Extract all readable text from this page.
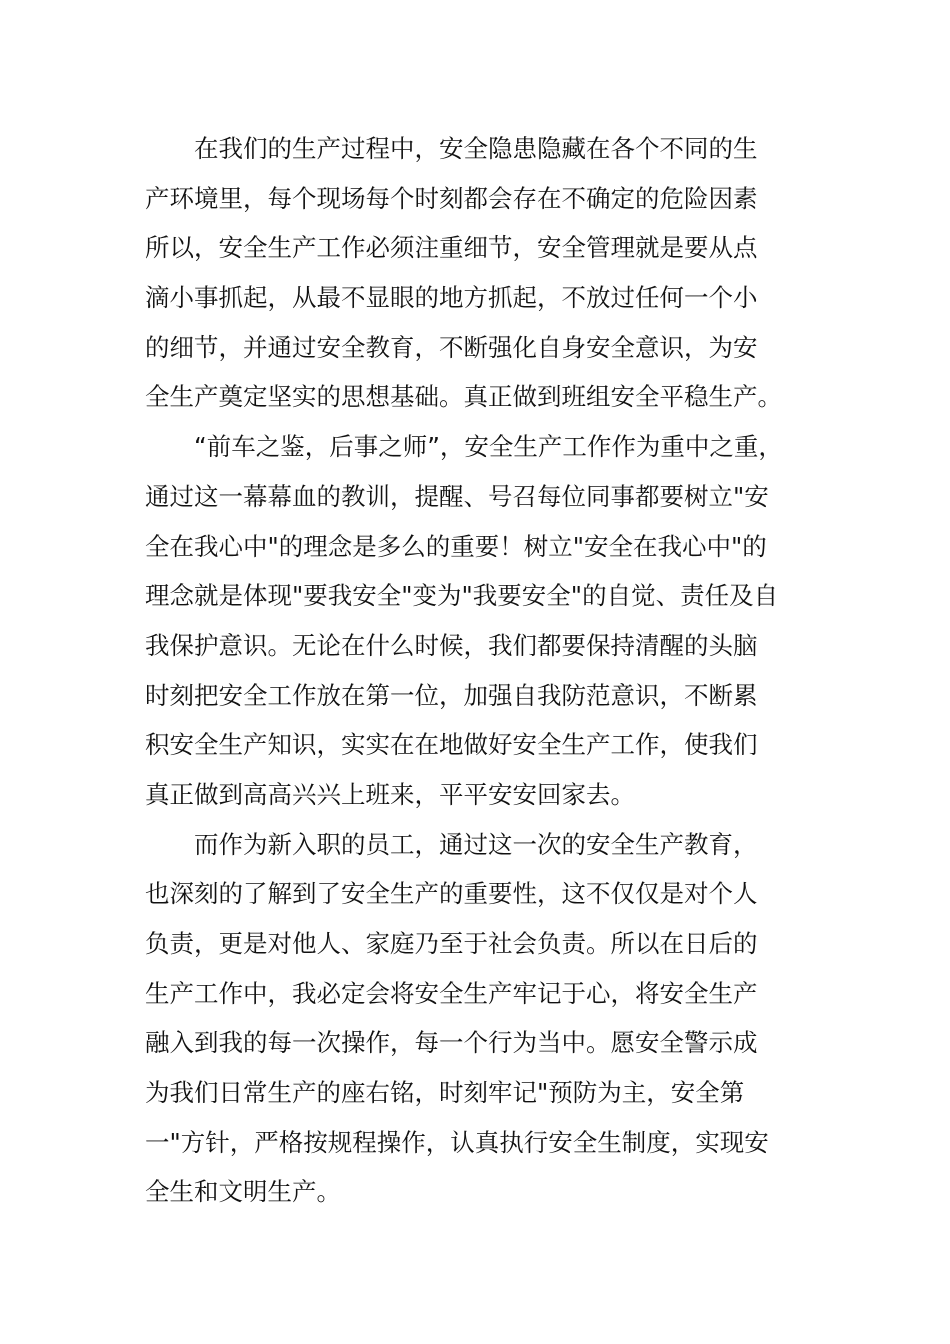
　　在我们的生产过程中，安全隐患隐藏在各个不同的生
产环境里，每个现场每个时刻都会存在不确定的危险因素
所以，安全生产工作必须注重细节，安全管理就是要从点
滴小事抓起，从最不显眼的地方抓起，不放过任何一个小
的细节，并通过安全教育，不断强化自身安全意识，为安
全生产奠定坚实的思想基础。真正做到班组安全平稳生产。
　　“前车之鉴，后事之师”，安全生产工作作为重中之重，
通过这一幕幕血的教训，提醒、号召每位同事都要树立"安
全在我心中"的理念是多么的重要！树立"安全在我心中"的
理念就是体现"要我安全"变为"我要安全"的自觉、责任及自
我保护意识。无论在什么时候，我们都要保持清醒的头脑
时刻把安全工作放在第一位，加强自我防范意识，不断累
积安全生产知识，实实在在地做好安全生产工作，使我们
真正做到高高兴兴上班来，平平安安回家去。
　　而作为新入职的员工，通过这一次的安全生产教育，
也深刻的了解到了安全生产的重要性，这不仅仅是对个人
负责，更是对他人、家庭乃至于社会负责。所以在日后的
生产工作中，我必定会将安全生产牢记于心，将安全生产
融入到我的每一次操作，每一个行为当中。愿安全警示成
为我们日常生产的座右铭，时刻牢记"预防为主，安全第
一"方针，严格按规程操作，认真执行安全生制度，实现安
全生和文明生产。
